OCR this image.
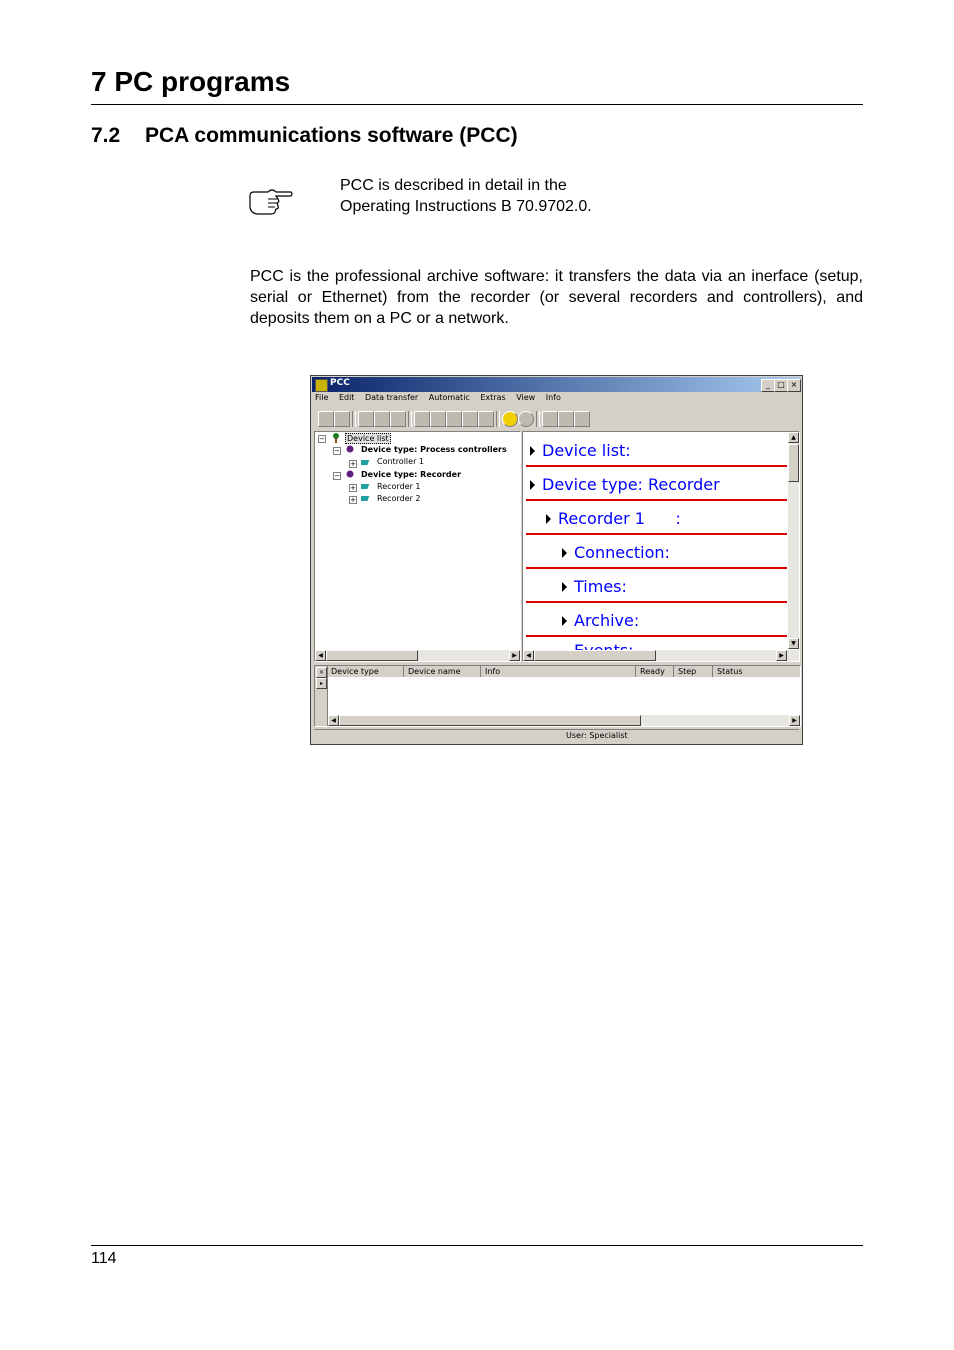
7 PC programs
7.2 PCA communications software (PCC)
PCC is described in detail in the
Operating Instructions B 70.9702.0.
PCC is the professional archive software: it transfers the data via an inerface (setup, serial or Ethernet) from the recorder (or several recorders and controllers), and deposits them on a PC or a network.
PCC	_ □ ×
File Edit Data transfer Automatic Extras View Info
−	Device list
−	Device type: Process controllers
+	Controller 1
−	Device type: Recorder
+	Recorder 1
+	Recorder 2
◀	▶
Device list:
Device type: Recorder
Recorder 1      :
Connection:
Times:
Archive:
▲
▼
◀	▶
×
▸
Device type	Device name	Info	Ready	Step	Status
◀	▶
User: Specialist
114
